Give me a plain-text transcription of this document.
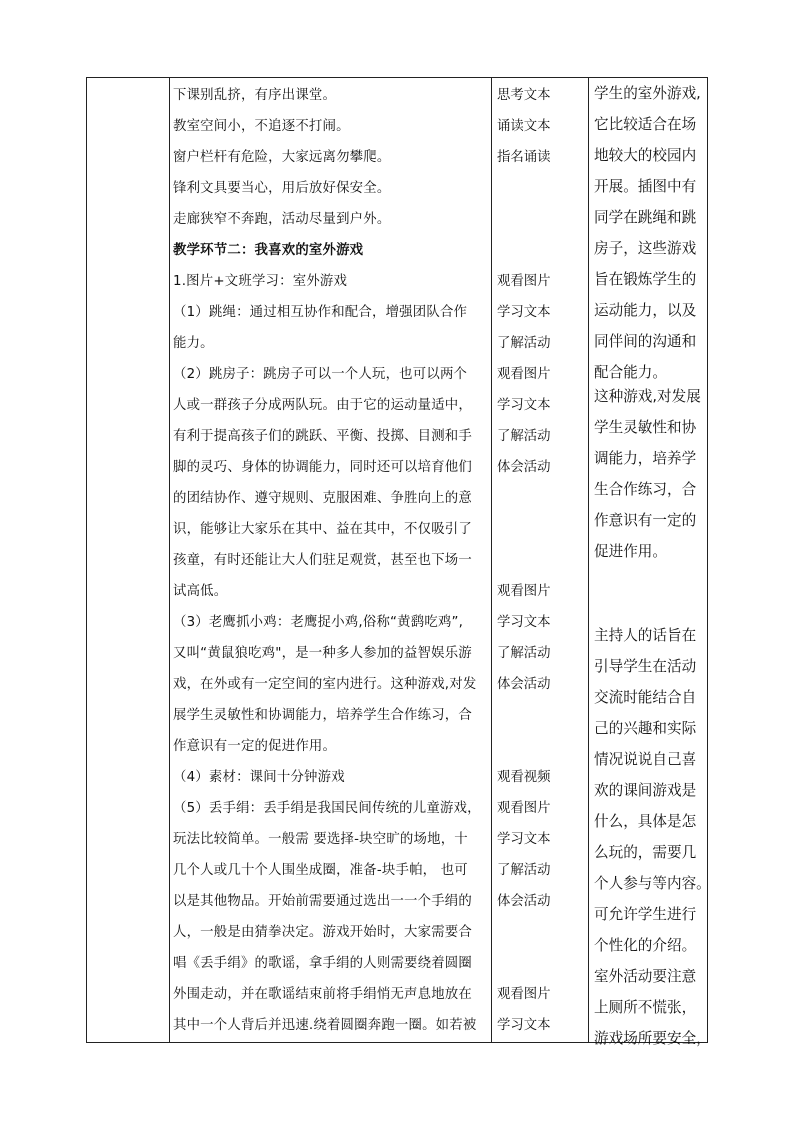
下课别乱挤，有序出课堂。
教室空间小，不追逐不打闹。
窗户栏杆有危险，大家远离勿攀爬。
锋利文具要当心，用后放好保安全。
走廊狭窄不奔跑，活动尽量到户外。
教学环节二：我喜欢的室外游戏
1.图片+文班学习：室外游戏
（1）跳绳：通过相互协作和配合，增强团队合作
能力。
（2）跳房子：跳房子可以一个人玩，也可以两个
人或一群孩子分成两队玩。由于它的运动量适中，
有利于提高孩子们的跳跃、平衡、投掷、目测和手
脚的灵巧、身体的协调能力，同时还可以培育他们
的团结协作、遵守规则、克服困难、争胜向上的意
识，能够让大家乐在其中、益在其中，不仅吸引了
孩童，有时还能让大人们驻足观赏，甚至也下场一
试高低。
（3）老鹰抓小鸡：老鹰捉小鸡,俗称“黄鹞吃鸡”,
又叫“黄鼠狼吃鸡"，是一种多人参加的益智娱乐游
戏，在外或有一定空间的室内进行。这种游戏,对发
展学生灵敏性和协调能力，培养学生合作练习，合
作意识有一定的促进作用。
（4）素材：课间十分钟游戏
（5）丢手绢：丢手绢是我国民间传统的儿童游戏，
玩法比较简单。一般需 要选择-块空旷的场地，十
几个人或几十个人围坐成圈，准备-块手帕， 也可
以是其他物品。开始前需要通过选出一一个手绢的
人，一般是由猜拳决定。游戏开始时，大家需要合
唱《丢手绢》的歌谣，拿手绢的人则需要绕着圆圈
外围走动，并在歌谣结束前将手绢悄无声息地放在
其中一个人背后并迅速.绕着圆圈奔跑一圈。如若被
思考文本
诵读文本
指名诵读
观看图片
学习文本
了解活动
观看图片
学习文本
了解活动
体会活动
观看图片
学习文本
了解活动
体会活动
观看视频
观看图片
学习文本
了解活动
体会活动
观看图片
学习文本
学生的室外游戏,
它比较适合在场
地较大的校园内
开展。插图中有
同学在跳绳和跳
房子，这些游戏
旨在锻炼学生的
运动能力，以及
同伴间的沟通和
配合能力。
这种游戏,对发展
学生灵敏性和协
调能力，培养学
生合作练习，合
作意识有一定的
促进作用。
主持人的话旨在
引导学生在活动
交流时能结合自
己的兴趣和实际
情况说说自己喜
欢的课间游戏是
什么，具体是怎
么玩的，需要几
个人参与等内容。
可允许学生进行
个性化的介绍。
室外活动要注意
上厕所不慌张，
游戏场所要安全，
